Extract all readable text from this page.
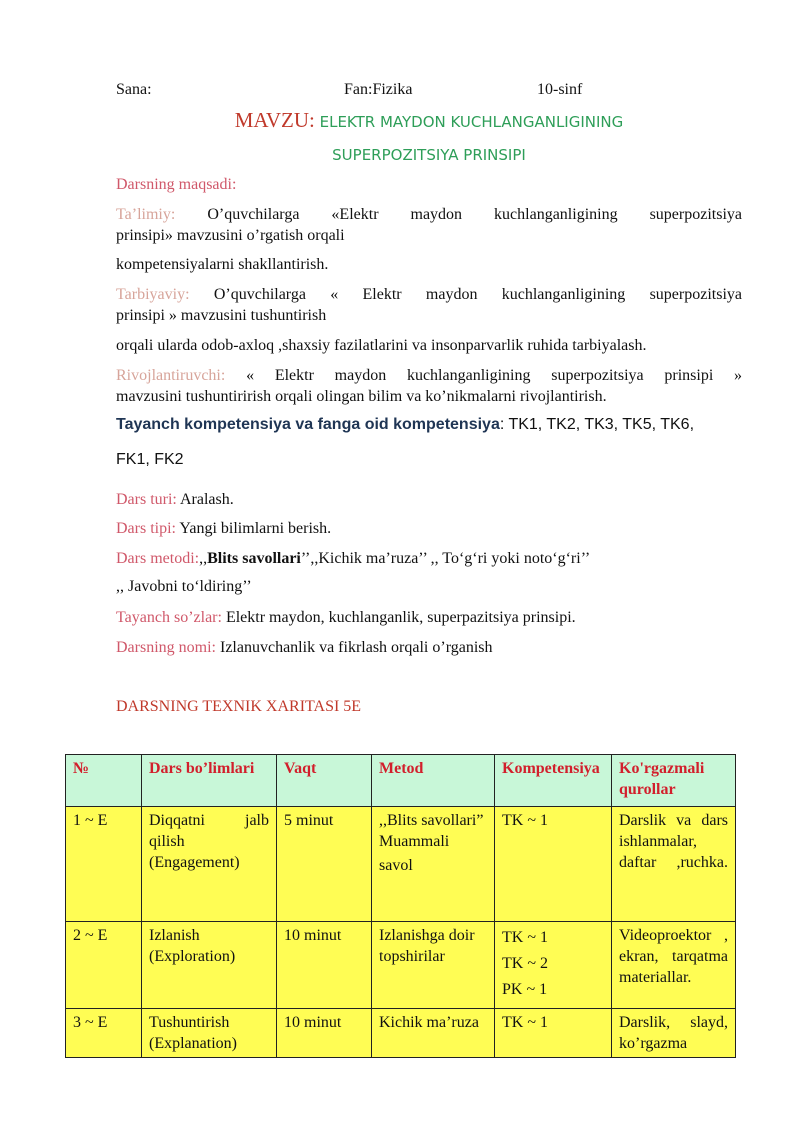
Sana:	Fan:Fizika	10-sinf
MAVZU: ELEKTR MAYDON KUCHLANGANLIGINING
SUPERPOZITSIYA PRINSIPI
Darsning maqsadi:
Ta’limiy: O’quvchilarga «Elektr maydon kuchlanganligining superpozitsiya
prinsipi» mavzusini o’rgatish orqali
kompetensiyalarni shakllantirish.
Tarbiyaviy: O’quvchilarga « Elektr maydon kuchlanganligining superpozitsiya
prinsipi » mavzusini tushuntirish
orqali ularda odob-axloq ,shaxsiy fazilatlarini va insonparvarlik ruhida tarbiyalash.
Rivojlantiruvchi: « Elektr maydon kuchlanganligining superpozitsiya prinsipi »
mavzusini tushuntirirish orqali olingan bilim va ko’nikmalarni rivojlantirish.
Tayanch kompetensiya va fanga oid kompetensiya: TK1, TK2, TK3, TK5, TK6,
FK1, FK2
Dars turi: Aralash.
Dars tipi: Yangi bilimlarni berish.
Dars metodi:,,Blits savollari’’,,Kichik ma’ruza’’ ,, To‘g‘ri yoki noto‘g‘ri’’
,, Javobni to‘ldiring’’
Tayanch so’zlar: Elektr maydon, kuchlanganlik, superpazitsiya prinsipi.
Darsning nomi: Izlanuvchanlik va fikrlash orqali o’rganish
DARSNING TEXNIK XARITASI 5E
№	Dars bo’limlari	Vaqt	Metod	Kompetensiya	Ko'rgazmali qurollar
1 ~ E	Diqqatni jalb qilish (Engagement)	5 minut	,,Blits savollari”
Muammali
savol	TK ~ 1	Darslik va dars ishlanmalar, daftar ,ruchka.
2 ~ E	Izlanish (Exploration)	10 minut	Izlanishga doir topshirilar	TK ~ 1
TK ~ 2
PK ~ 1	Videoproektor , ekran, tarqatma materiallar.
3 ~ E	Tushuntirish (Explanation)	10 minut	Kichik ma’ruza	TK ~ 1	Darslik, slayd, ko’rgazma
